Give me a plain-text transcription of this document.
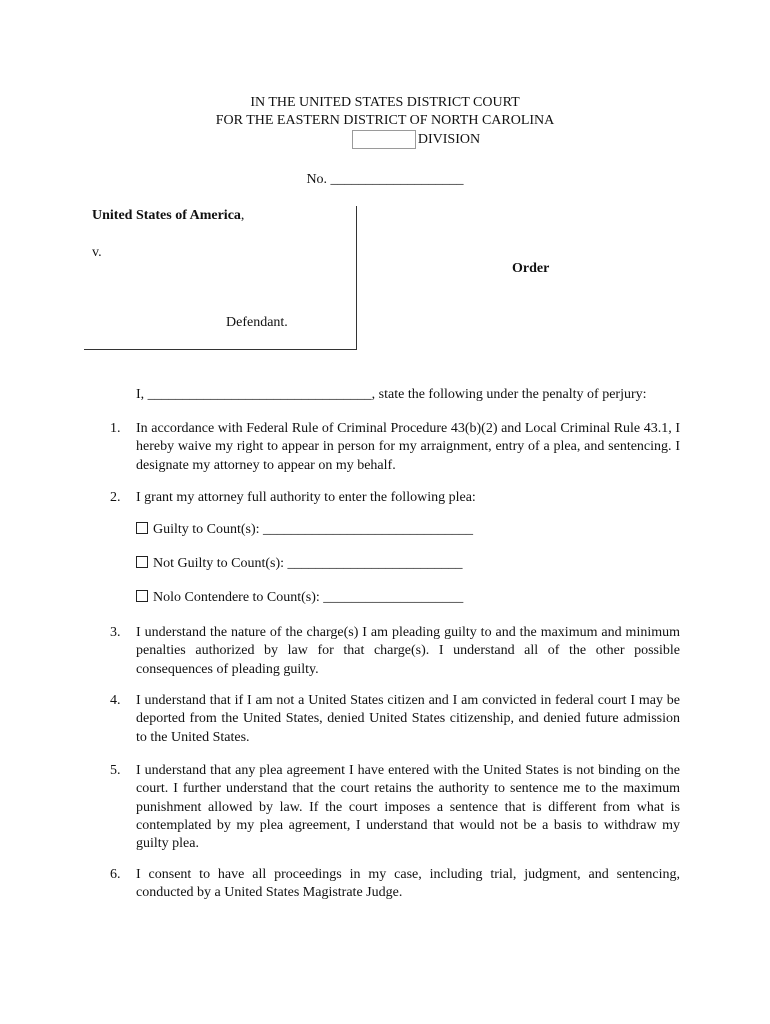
IN THE UNITED STATES DISTRICT COURT
FOR THE EASTERN DISTRICT OF NORTH CAROLINA
DIVISION
No. ___________________
United States of America,
v.
Defendant.
Order
I, ________________________________, state the following under the penalty of perjury:
1.	In accordance with Federal Rule of Criminal Procedure 43(b)(2) and Local Criminal Rule 43.1, I hereby waive my right to appear in person for my arraignment, entry of a plea, and sentencing. I designate my attorney to appear on my behalf.
2.	I grant my attorney full authority to enter the following plea:
Guilty to Count(s): ______________________________
Not Guilty to Count(s): _________________________
Nolo Contendere to Count(s): ____________________
3.	I understand the nature of the charge(s) I am pleading guilty to and the maximum and minimum penalties authorized by law for that charge(s). I understand all of the other possible consequences of pleading guilty.
4.	I understand that if I am not a United States citizen and I am convicted in federal court I may be deported from the United States, denied United States citizenship, and denied future admission to the United States.
5.	I understand that any plea agreement I have entered with the United States is not binding on the court. I further understand that the court retains the authority to sentence me to the maximum punishment allowed by law. If the court imposes a sentence that is different from what is contemplated by my plea agreement, I understand that would not be a basis to withdraw my guilty plea.
6.	I consent to have all proceedings in my case, including trial, judgment, and sentencing, conducted by a United States Magistrate Judge.
